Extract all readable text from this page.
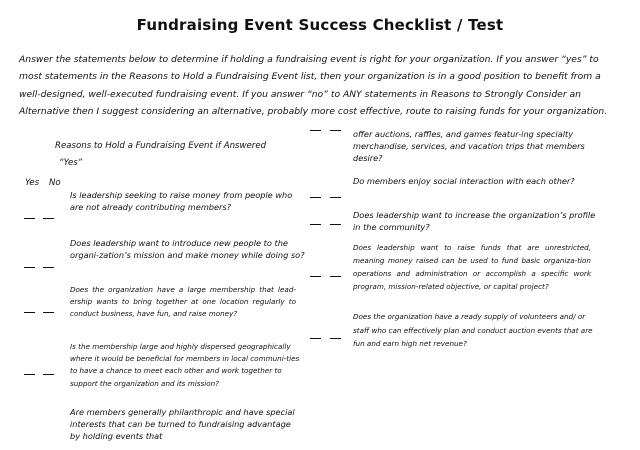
Fundraising Event Success Checklist / Test

Answer the statements below to determine if holding a fundraising event is right for your organization. If you answer “yes” to most statements in the Reasons to Hold a Fundraising Event list, then your organization is in a good position to benefit from a well-designed, well-executed fundraising event. If you answer “no” to ANY statements in Reasons to Strongly Consider an Alternative then I suggest considering an alternative, probably more cost effective, route to raising funds for your organization.

Reasons to Hold a Fundraising Event if Answered
“Yes”
Yes No

Is leadership seeking to raise money from people who are not already contributing members?

Does leadership want to introduce new people to the organi-zation’s mission and make money while doing so?

Does the organization have a large membership that lead-ership wants to bring together at one location regularly to conduct business, have fun, and raise money?

Is the membership large and highly dispersed geographically where it would be beneficial for members in local communi-ties to have a chance to meet each other and work together to support the organization and its mission?

Are members generally philanthropic and have special interests that can be turned to fundraising advantage by holding events that

offer auctions, raffles, and games featur-ing specialty merchandise, services, and vacation trips that members desire?

Do members enjoy social interaction with each other?

Does leadership want to increase the organization’s profile in the community?

Does leadership want to raise funds that are unrestricted, meaning money raised can be used to fund basic organiza-tion operations and administration or accomplish a specific work program, mission-related objective, or capital project?

Does the organization have a ready supply of volunteers and/ or staff who can effectively plan and conduct auction events that are fun and earn high net revenue?
